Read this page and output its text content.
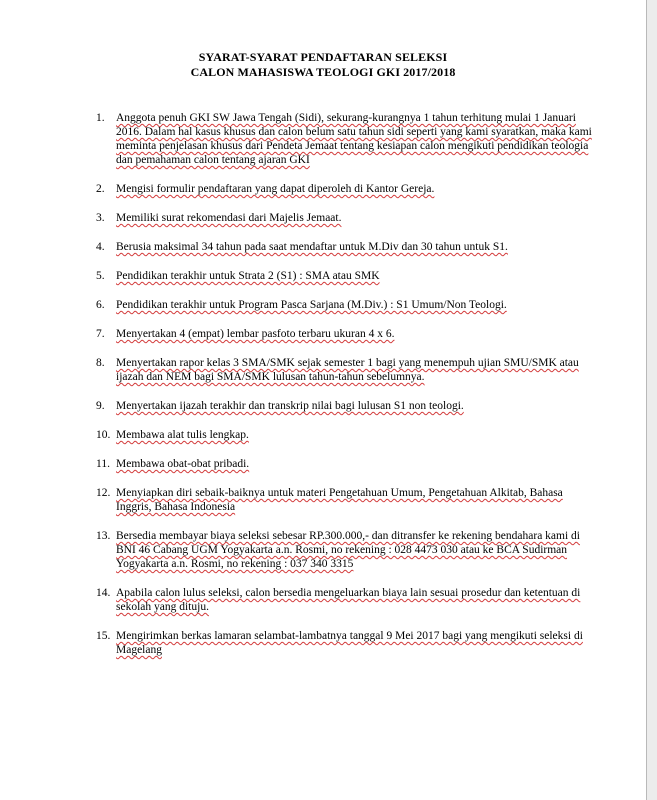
SYARAT-SYARAT PENDAFTARAN SELEKSI
CALON MAHASISWA TEOLOGI GKI 2017/2018
1. Anggota penuh GKI SW Jawa Tengah (Sidi), sekurang-kurangnya 1 tahun terhitung mulai 1 Januari 2016. Dalam hal kasus khusus dan calon belum satu tahun sidi seperti yang kami syaratkan, maka kami meminta penjelasan khusus dari Pendeta Jemaat tentang kesiapan calon mengikuti pendidikan teologia dan pemahaman calon tentang ajaran GKI
2. Mengisi formulir pendaftaran yang dapat diperoleh di Kantor Gereja.
3. Memiliki surat rekomendasi dari Majelis Jemaat.
4. Berusia maksimal 34 tahun pada saat mendaftar untuk M.Div dan 30 tahun untuk S1.
5. Pendidikan terakhir untuk Strata 2 (S1) : SMA atau SMK
6. Pendidikan terakhir untuk Program Pasca Sarjana (M.Div.) : S1 Umum/Non Teologi.
7. Menyertakan 4 (empat) lembar pasfoto terbaru ukuran 4 x 6.
8. Menyertakan rapor kelas 3 SMA/SMK sejak semester 1 bagi yang menempuh ujian SMU/SMK atau ijazah dan NEM bagi SMA/SMK lulusan tahun-tahun sebelumnya.
9. Menyertakan ijazah terakhir dan transkrip nilai bagi lulusan S1 non teologi.
10. Membawa alat tulis lengkap.
11. Membawa obat-obat pribadi.
12. Menyiapkan diri sebaik-baiknya untuk materi Pengetahuan Umum, Pengetahuan Alkitab, Bahasa Inggris, Bahasa Indonesia
13. Bersedia membayar biaya seleksi sebesar RP.300.000,- dan ditransfer ke rekening bendahara kami di BNI 46 Cabang UGM Yogyakarta a.n. Rosmi, no rekening : 028 4473 030 atau ke BCA Sudirman Yogyakarta a.n. Rosmi, no rekening : 037 340 3315
14. Apabila calon lulus seleksi, calon bersedia mengeluarkan biaya lain sesuai prosedur dan ketentuan di sekolah yang dituju.
15. Mengirimkan berkas lamaran selambat-lambatnya tanggal 9 Mei 2017 bagi yang mengikuti seleksi di Magelang
